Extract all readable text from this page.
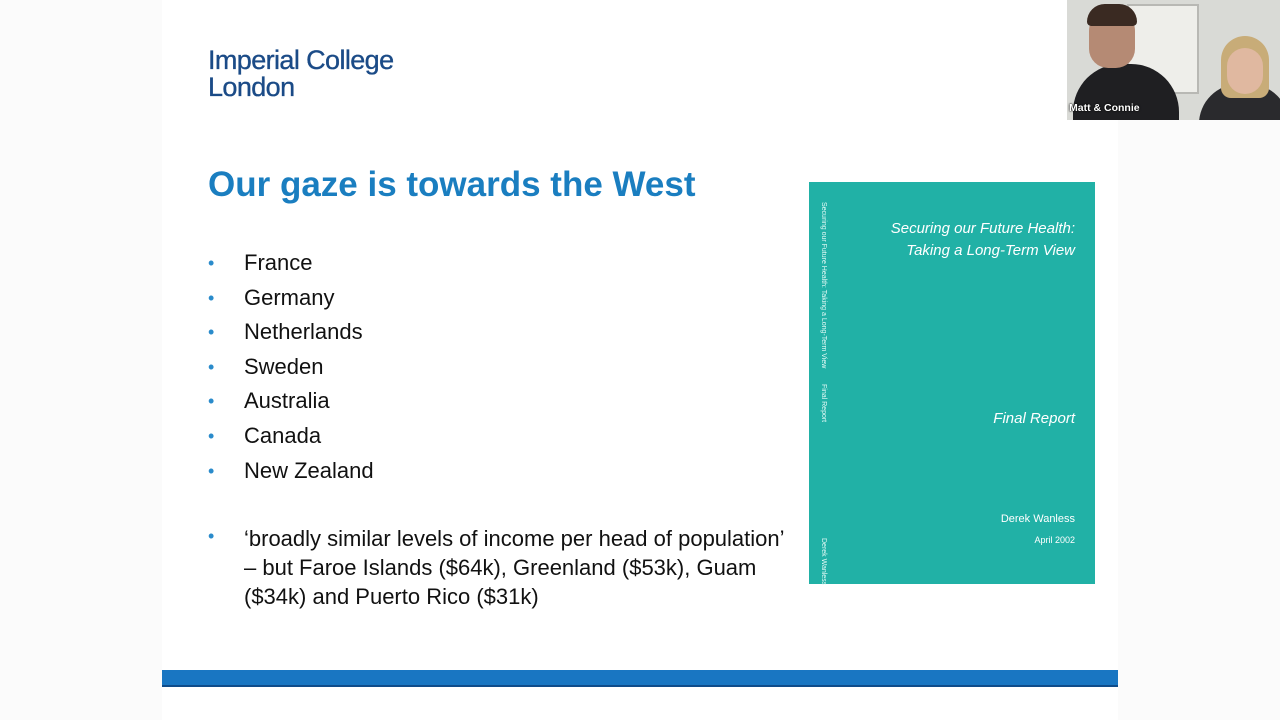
Imperial College
London
Our gaze is towards the West
• France
• Germany
• Netherlands
• Sweden
• Australia
• Canada
• New Zealand
• ‘broadly similar levels of income per head of population’ – but Faroe Islands ($64k), Greenland ($53k), Guam ($34k) and Puerto Rico ($31k)
Securing our Future Health: Taking a Long-Term View Final Report Derek Wanless
Securing our Future Health:
Taking a Long-Term View
Final Report
Derek Wanless
April 2002
Matt & Connie
